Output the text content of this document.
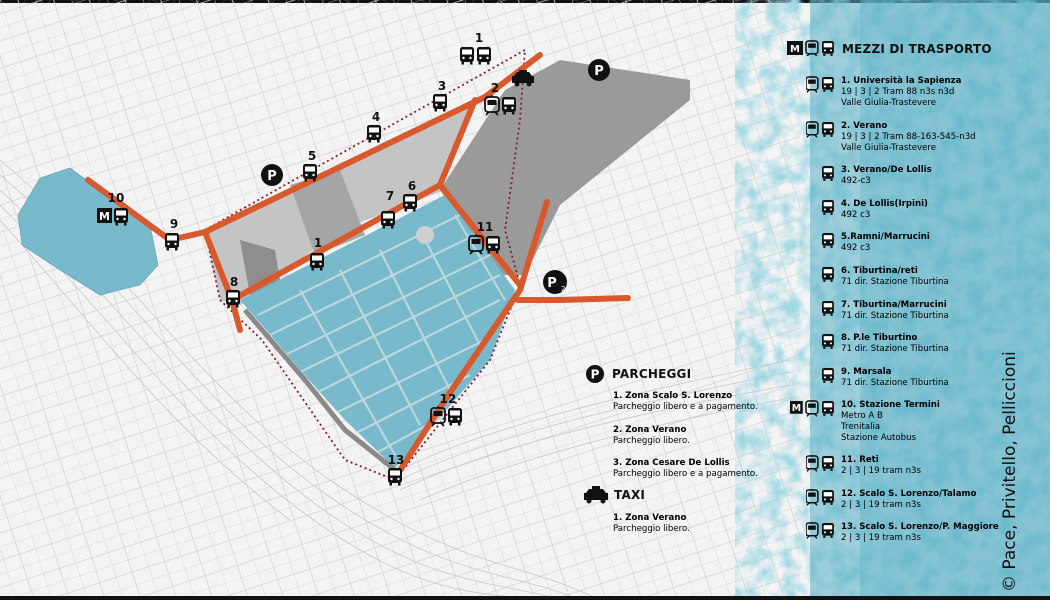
P
P 2
P
1
2
3
4
5
6
7
8
9
10
M
11
12
13
1
M	MEZZI DI TRASPORTO
1. Università la Sapienza
19 | 3 | 2 Tram 88 n3s n3d
Valle Giulia-Trastevere
2. Verano
19 | 3 | 2 Tram 88-163-545-n3d
Valle Giulia-Trastevere
3. Verano/De Lollis
492-c3
4. De Lollis(Irpini)
492 c3
5.Ramni/Marrucini
492 c3
6. Tiburtina/reti
71 dir. Stazione Tiburtina
7. Tiburtina/Marrucini
71 dir. Stazione Tiburtina
8. P.le Tiburtino
71 dir. Stazione Tiburtina
9. Marsala
71 dir. Stazione Tiburtina
M	10. Stazione Termini
Metro A B
Trenitalia
Stazione Autobus
11. Reti
2 | 3 | 19 tram n3s
12. Scalo S. Lorenzo/Talamo
2 | 3 | 19 tram n3s
13. Scalo S. Lorenzo/P. Maggiore
2 | 3 | 19 tram n3s
P PARCHEGGI
1. Zona Scalo S. Lorenzo
Parcheggio libero e a pagamento.
2. Zona Verano
Parcheggio libero.
3. Zona Cesare De Lollis
Parcheggio libero e a pagamento.
TAXI
1. Zona Verano
Parcheggio libero.	© Pace, Privitello, Pelliccioni
